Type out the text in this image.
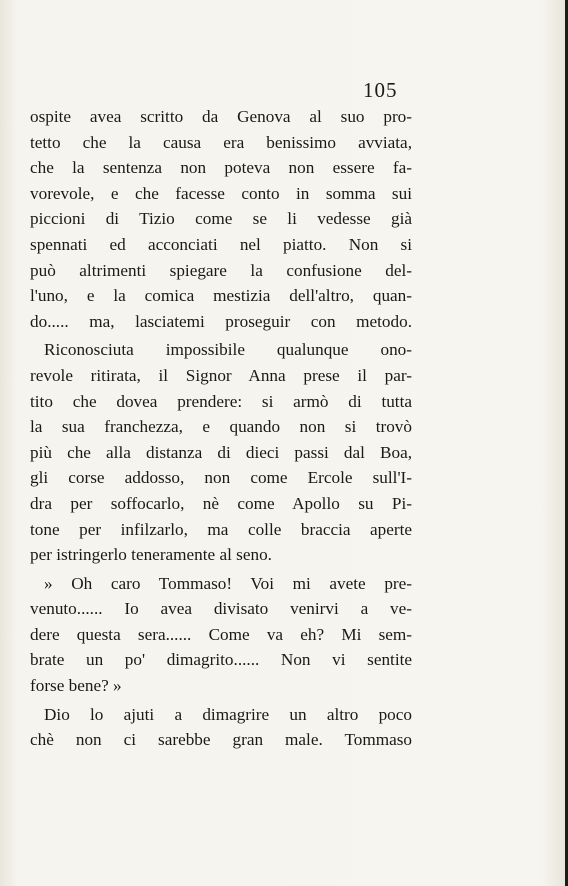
105
ospite avea scritto da Genova al suo pro-
tetto che la causa era benissimo avviata,
che la sentenza non poteva non essere fa-
vorevole, e che facesse conto in somma sui
piccioni di Tizio come se li vedesse già
spennati ed acconciati nel piatto. Non si
può altrimenti spiegare la confusione del-
l'uno, e la comica mestizia dell'altro, quan-
do..... ma, lasciatemi proseguir con metodo.
Riconosciuta impossibile qualunque ono-
revole ritirata, il Signor Anna prese il par-
tito che dovea prendere: si armò di tutta
la sua franchezza, e quando non si trovò
più che alla distanza di dieci passi dal Boa,
gli corse addosso, non come Ercole sull'I-
dra per soffocarlo, nè come Apollo su Pi-
tone per infilzarlo, ma colle braccia aperte
per istringerlo teneramente al seno.
» Oh caro Tommaso! Voi mi avete pre-
venuto...... Io avea divisato venirvi a ve-
dere questa sera...... Come va eh? Mi sem-
brate un po' dimagrito...... Non vi sentite
forse bene? »
Dio lo ajuti a dimagrire un altro poco
chè non ci sarebbe gran male. Tommaso
